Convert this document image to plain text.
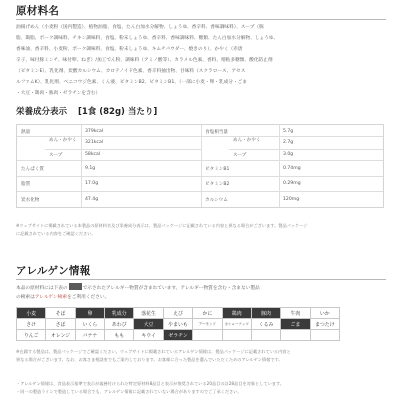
原材料名
油揚げめん（小麦粉（国内製造）、植物油脂、食塩、たん白加水分解物、しょうゆ、香辛料、香味調味料）、スープ（豚
脂、鶏脂、ポーク調味料、チキン調味料、食塩、粉末しょうゆ、香辛料、香味調味料、糖類、たん白加水分解物、しょうゆ、
香味油、香辛料、小麦粉、ポーク調味料、食塩、粉末しょうゆ、キムチパウダー、焼きのり）、かやく（赤唐
辛子、味付豚ミンチ、味付卵、ねぎ）/加工でん粉、調味料（アミノ酸等）、カラメル色素、香料、増粘多糖類、酸化防止剤
（ビタミンE）、乳化剤、炭酸カルシウム、カロテノイド色素、香辛料抽出物、甘味料（スクラロース、アセス
ルファムK）、乳化剤、ベニコウジ色素、くん液、ビタミンB2、ビタミンB1、（一部に小麦・卵・乳成分・ごま
・大豆・鶏肉・豚肉・ゼラチンを含む）
栄養成分表示 [1食 (82g) 当たり]
熱量	379kcal
めん・かやく	321kcal
スープ	58kcal
たんぱく質	9.1g
脂質	17.0g
炭水化物	47.4g
食塩相当量	5.7g
めん・かやく	2.7g
スープ	3.0g
ビタミンB1	0.74mg
ビタミンB2	0.29mg
カルシウム	120mg
※ウェブサイトに掲載されている本製品の原材料名及び栄養成分表示は、製品パッケージに記載されている内容と異なる場合がございます。製品パッケージ
に記載されている内容をご確認ください。
アレルゲン情報
本品の原材料には下表の	で示されたアレルギー物質が含まれています。アレルギー物質を含む・含まない製品
の検索はアレルゲン検索をご利用ください。
小麦	そば	卵	乳成分	落花生	えび	かに	鶏肉	豚肉	牛肉	いか
さけ	さば	いくら	あわび	大豆	やまいも	アーモンド	カシューナッツ	くるみ	ごま	まつたけ
りんご	オレンジ	バナナ	もも	キウイ	ゼラチン					
※在籍する製品は、製品パッケージでご確認ください。ウェブサイトに掲載されているアレルゲン情報は、製品パッケージに記載されている内容と
異なる場合がございます。なお、お客さま相談室でもご案内しております。お客様に合った製品を選んでいただくためのアレルゲン情報です。
・アレルゲン情報は、食品表示基準で表示が義務付けられた特定原材料8品目と表示が推奨されている20品目の計28品目を対象としています。
・同一の製造ラインで製造している場合でも、アレルゲン情報に記載されていない場合がありますのでご了承ください。
